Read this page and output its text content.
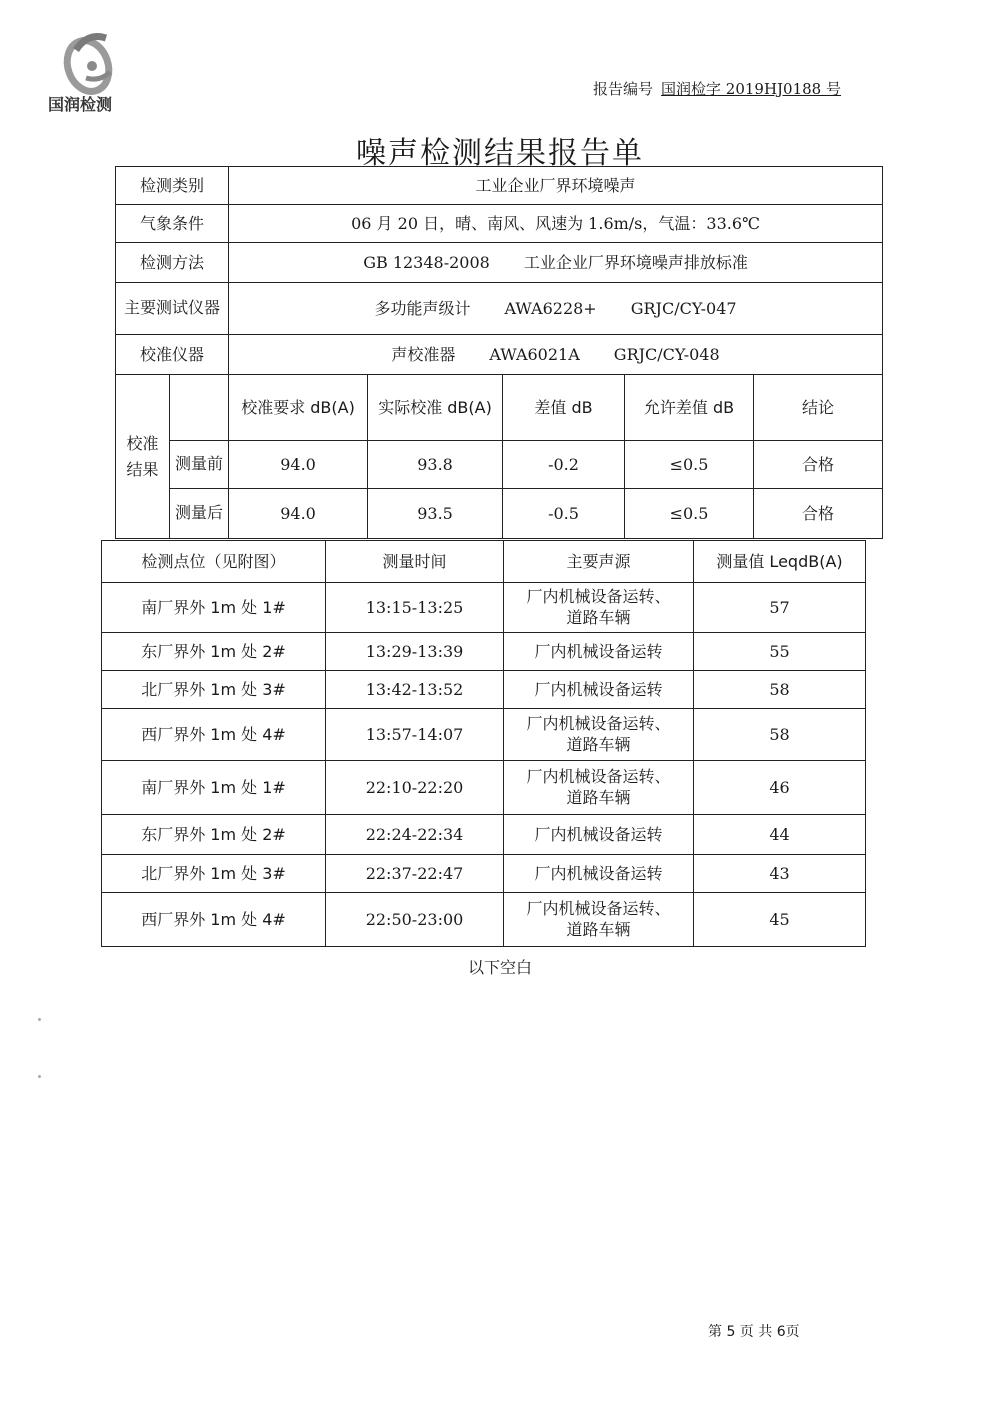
国润检测
报告编号 国润检字 2019HJ0188 号
噪声检测结果报告单
检测类别		工业企业厂界环境噪声				
气象条件		06 月 20 日，晴、南风、风速为 1.6m/s，气温：33.6℃				
检测方法		GB 12348-2008 工业企业厂界环境噪声排放标准				
主要测试仪器		多功能声级计 AWA6228+ GRJC/CY-047				
校准仪器		声校准器 AWA6021A GRJC/CY-048				
校准结果		校准要求 dB(A)	实际校准 dB(A)	差值 dB	允许差值 dB	结论
	测量前	94.0	93.8	-0.2	≤0.5	合格
	测量后	94.0	93.5	-0.5	≤0.5	合格
检测点位（见附图）	测量时间	主要声源	测量值 LeqdB(A)
南厂界外 1m 处 1#	13:15-13:25	厂内机械设备运转、道路车辆	57
东厂界外 1m 处 2#	13:29-13:39	厂内机械设备运转	55
北厂界外 1m 处 3#	13:42-13:52	厂内机械设备运转	58
西厂界外 1m 处 4#	13:57-14:07	厂内机械设备运转、道路车辆	58
南厂界外 1m 处 1#	22:10-22:20	厂内机械设备运转、道路车辆	46
东厂界外 1m 处 2#	22:24-22:34	厂内机械设备运转	44
北厂界外 1m 处 3#	22:37-22:47	厂内机械设备运转	43
西厂界外 1m 处 4#	22:50-23:00	厂内机械设备运转、道路车辆	45
以下空白
第 5 页 共 6页
